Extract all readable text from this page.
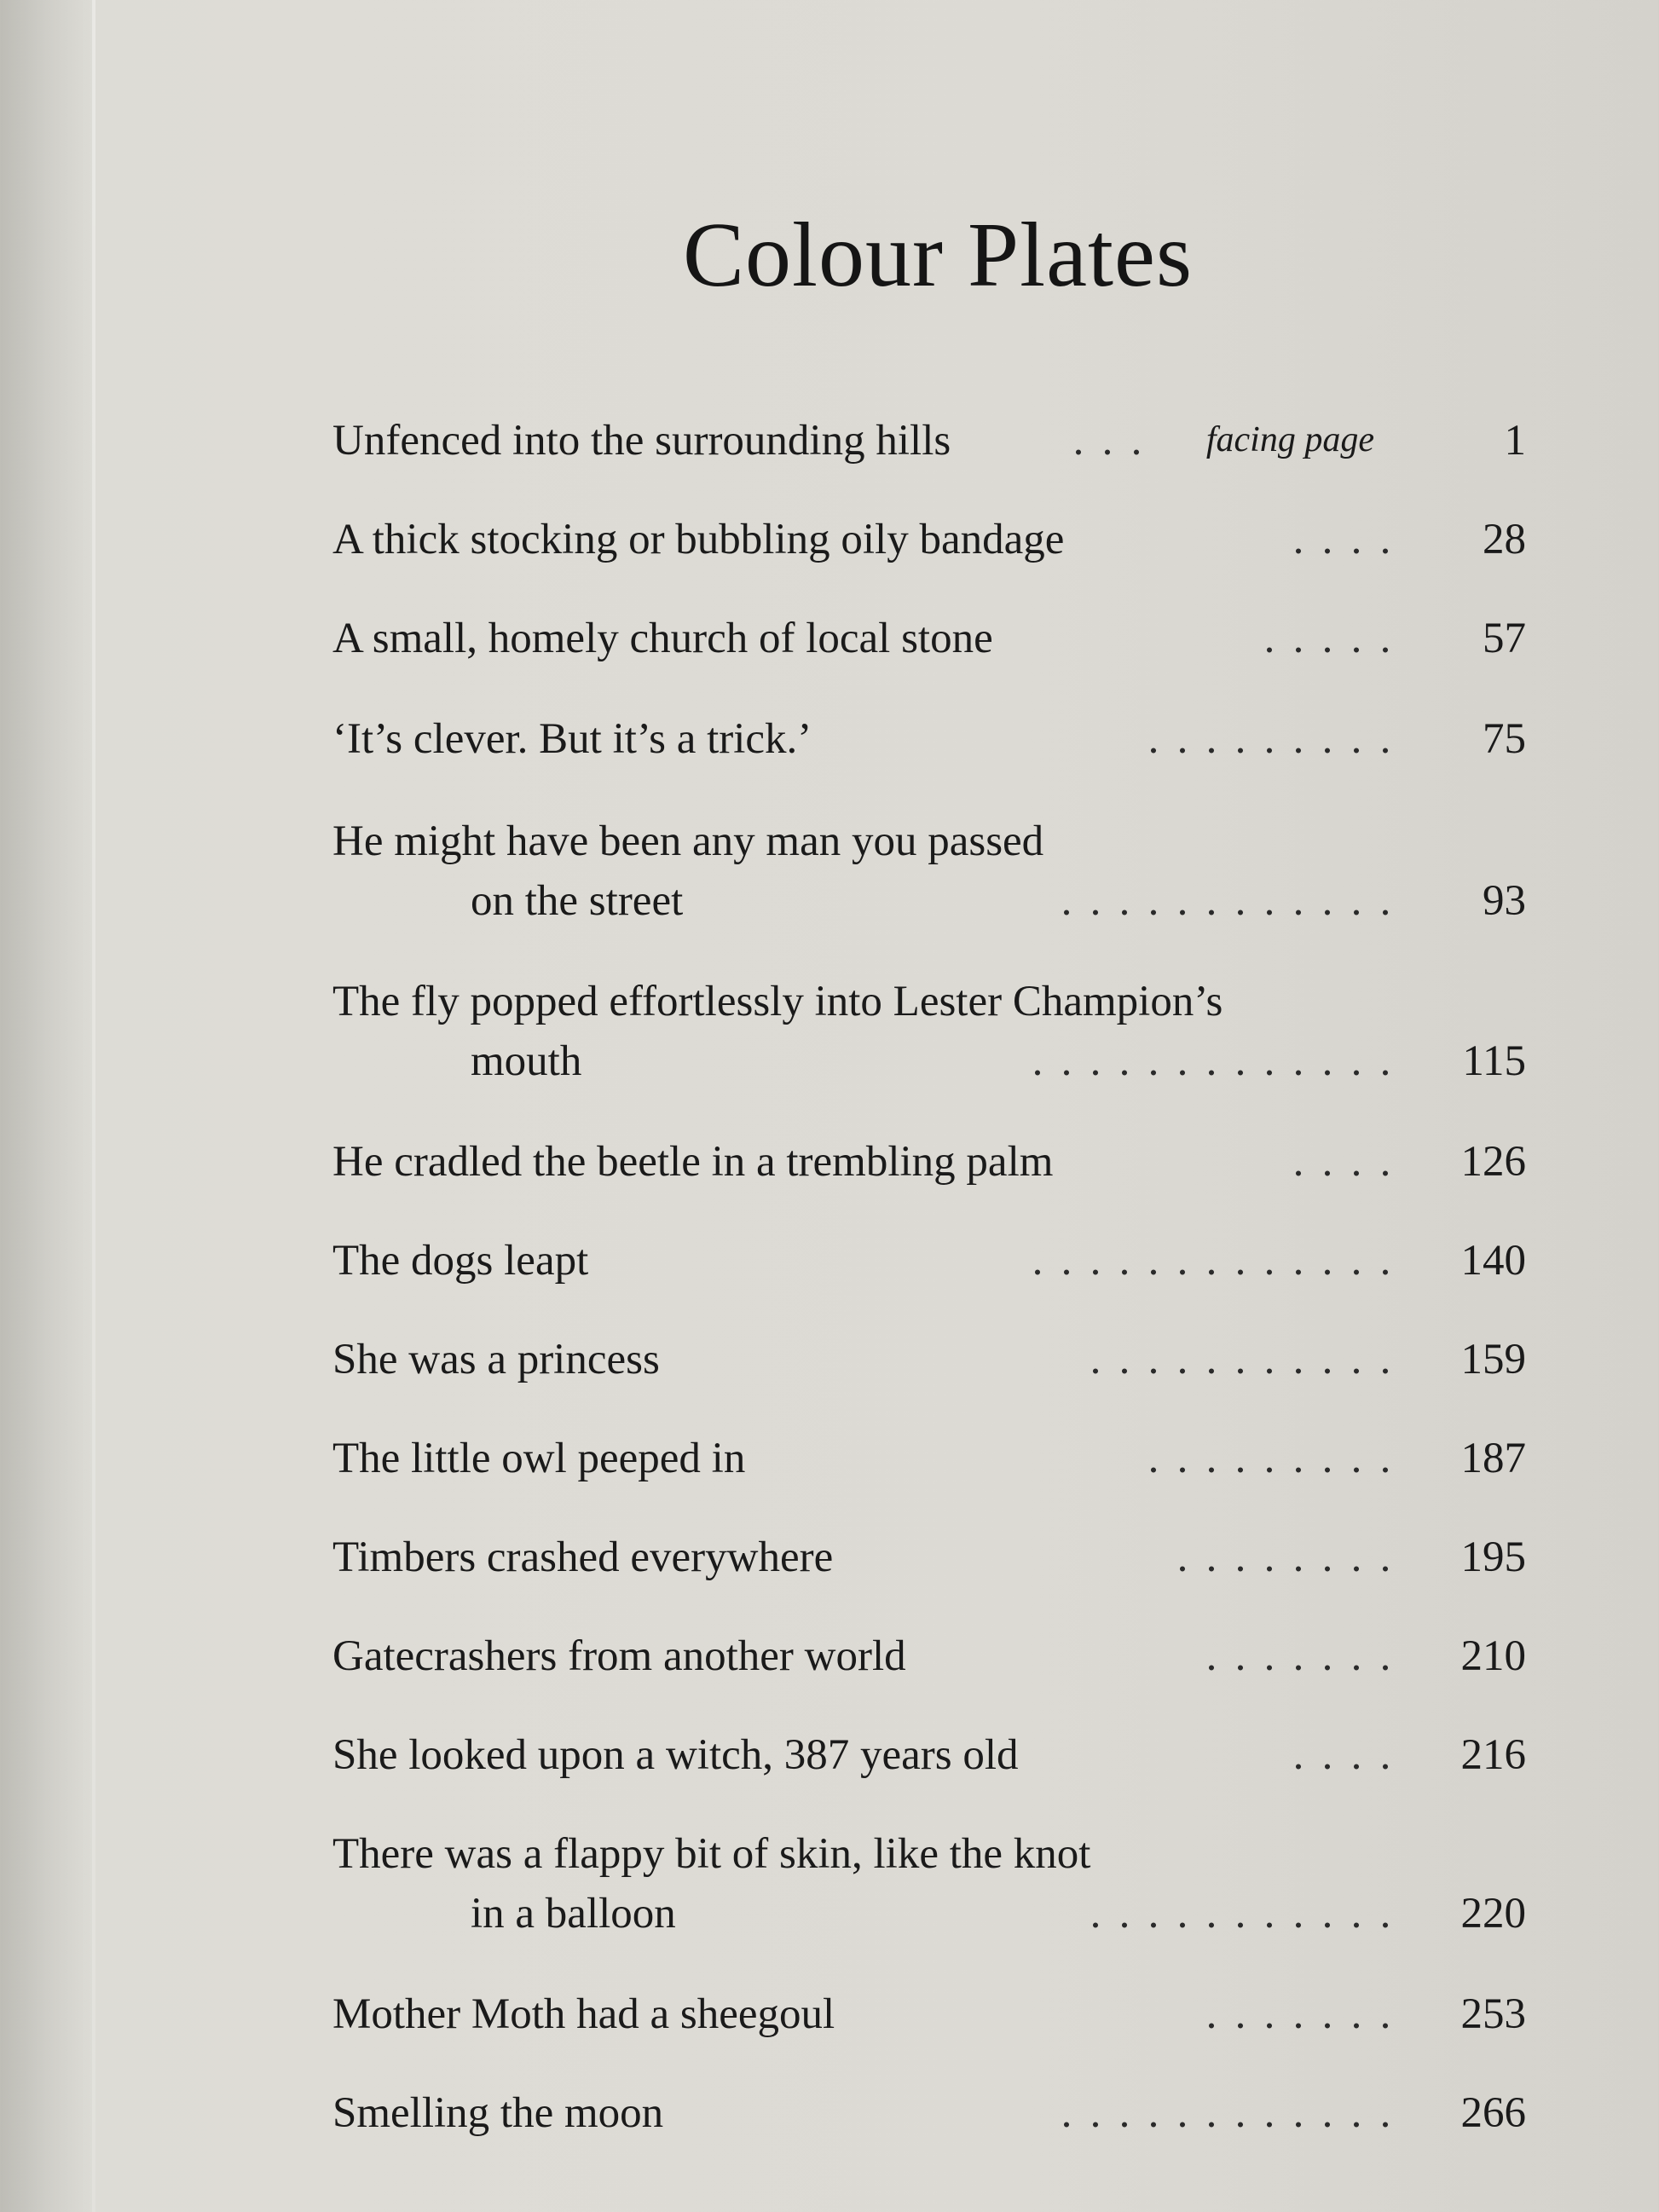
Colour Plates
Unfenced into the surrounding hills	. . . facing page	1
A thick stocking or bubbling oily bandage	. . . .	28
A small, homely church of local stone	. . . . .	57
‘It’s clever. But it’s a trick.’	. . . . . . . . .	75
He might have been any man you passed
on the street	. . . . . . . . . . . .	93
The fly popped effortlessly into Lester Champion’s
mouth	. . . . . . . . . . . . .	115
He cradled the beetle in a trembling palm	. . . .	126
The dogs leapt	. . . . . . . . . . . . .	140
She was a princess	. . . . . . . . . . .	159
The little owl peeped in	. . . . . . . . .	187
Timbers crashed everywhere	. . . . . . . .	195
Gatecrashers from another world	. . . . . . .	210
She looked upon a witch, 387 years old	. . . .	216
There was a flappy bit of skin, like the knot
in a balloon	. . . . . . . . . . .	220
Mother Moth had a sheegoul	. . . . . . .	253
Smelling the moon	. . . . . . . . . . . .	266
